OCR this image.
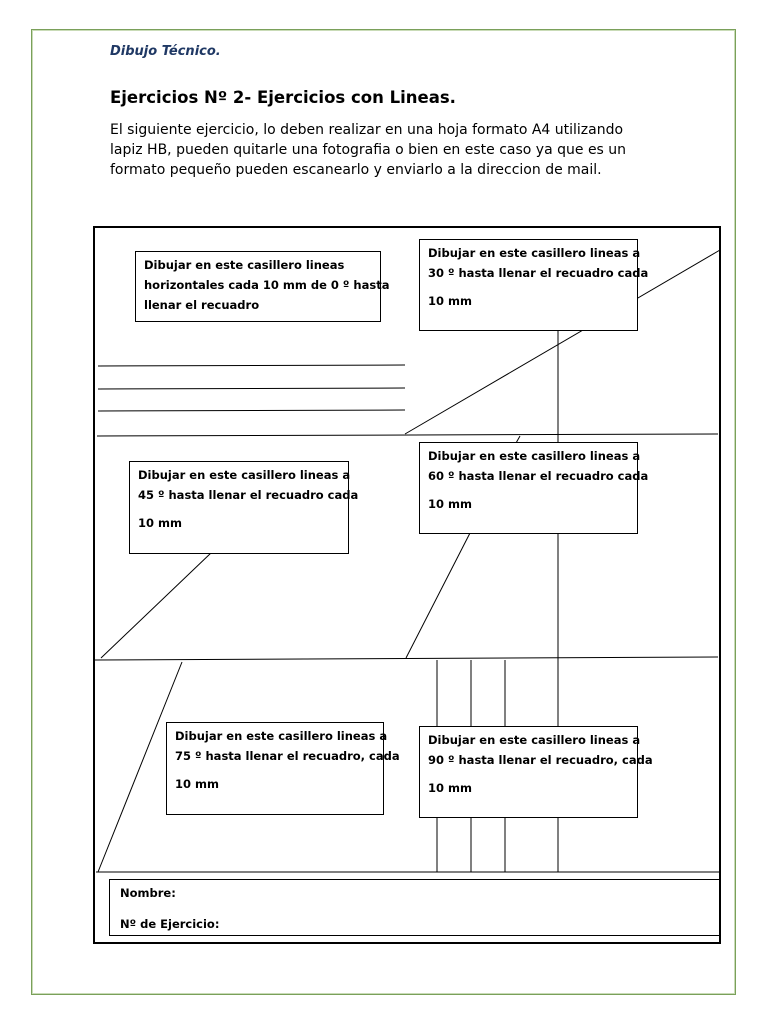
Dibujo Técnico.
Ejercicios Nº 2- Ejercicios con Lineas.
El siguiente ejercicio, lo deben realizar en una hoja formato A4 utilizando
lapiz HB, pueden quitarle una fotografia o bien en este caso ya que es un
formato pequeño pueden escanearlo y enviarlo a la direccion de mail.
Dibujar en este casillero lineas
horizontales cada 10 mm de 0 º hasta
llenar el recuadro
Dibujar en este casillero lineas a
30 º hasta llenar el recuadro cada
10 mm
Dibujar en este casillero lineas a
45 º hasta llenar el recuadro cada
10 mm
Dibujar en este casillero lineas a
60 º hasta llenar el recuadro cada
10 mm
Dibujar en este casillero lineas a
75 º hasta llenar el recuadro, cada
10 mm
Dibujar en este casillero lineas a
90 º hasta llenar el recuadro, cada
10 mm
Nombre:
Nº de Ejercicio:
